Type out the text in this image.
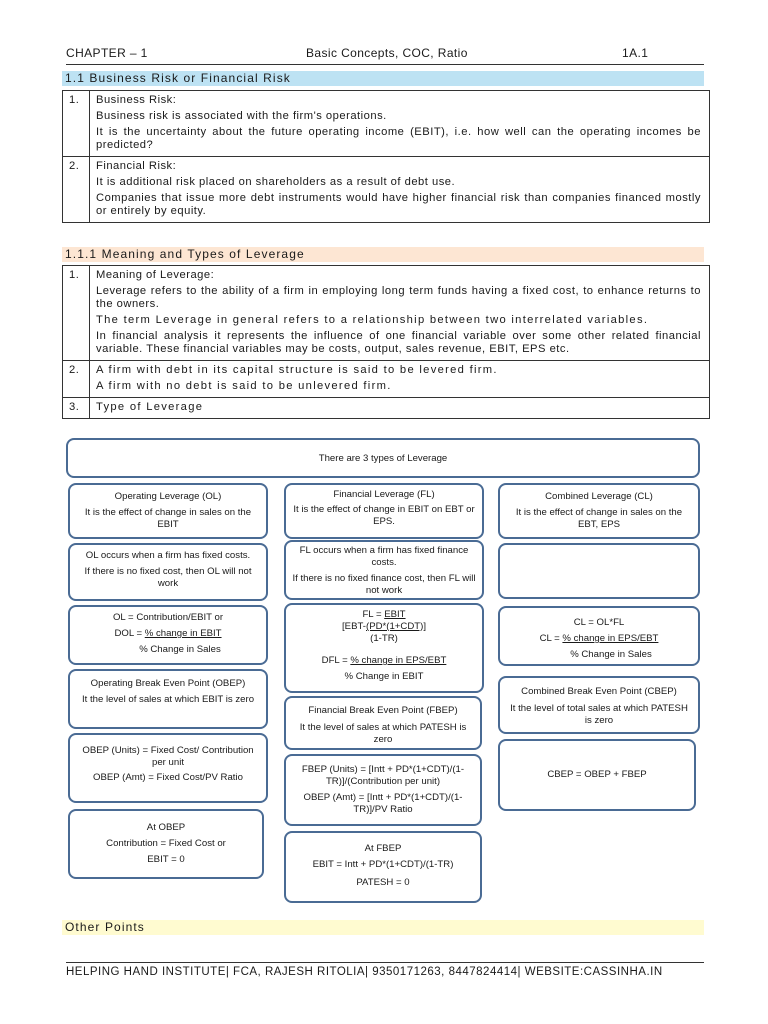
CHAPTER – 1	Basic Concepts, COC, Ratio	1A.1
1.1 Business Risk or Financial Risk
1.	Business Risk:

Business risk is associated with the firm's operations.

It is the uncertainty about the future operating income (EBIT), i.e. how well can the operating incomes be predicted?

2.	Financial Risk:

It is additional risk placed on shareholders as a result of debt use.

Companies that issue more debt instruments would have higher financial risk than companies financed mostly or entirely by equity.

1.1.1 Meaning and Types of Leverage
1.	Meaning of Leverage:

Leverage refers to the ability of a firm in employing long term funds having a fixed cost, to enhance returns to the owners.

The term Leverage in general refers to a relationship between two interrelated variables.

In financial analysis it represents the influence of one financial variable over some other related financial variable. These financial variables may be costs, output, sales revenue, EBIT, EPS etc.

2.	A firm with debt in its capital structure is said to be levered firm.

A firm with no debt is said to be unlevered firm.

3.	Type of Leverage

There are 3 types of Leverage

Operating Leverage (OL)

It is the effect of change in sales on the EBIT

OL occurs when a firm has fixed costs.

If there is no fixed cost, then OL will not work

OL = Contribution/EBIT or

DOL = % change in EBIT

% Change in Sales

Operating Break Even Point (OBEP)

It the level of sales at which EBIT is zero

OBEP (Units) = Fixed Cost/ Contribution per unit

OBEP (Amt) = Fixed Cost/PV Ratio

At OBEP

Contribution = Fixed Cost or

EBIT = 0

Financial Leverage (FL)

It is the effect of change in EBIT on EBT or EPS.

FL occurs when a firm has fixed finance costs.

If there is no fixed finance cost, then FL will not work

FL = EBIT

[EBT-(PD*(1+CDT)]

(1-TR)

DFL = % change in EPS/EBT

% Change in EBIT

Financial Break Even Point (FBEP)

It the level of sales at which PATESH is zero

FBEP (Units) = [Intt + PD*(1+CDT)/(1-TR)]/(Contribution per unit)

OBEP (Amt) = [Intt + PD*(1+CDT)/(1-TR)]/PV Ratio

At FBEP

EBIT = Intt + PD*(1+CDT)/(1-TR)

PATESH = 0

Combined Leverage (CL)

It is the effect of change in sales on the EBT, EPS

CL = OL*FL

CL = % change in EPS/EBT

% Change in Sales

Combined Break Even Point (CBEP)

It the level of total sales at which PATESH is zero

CBEP = OBEP + FBEP

Other Points
HELPING HAND INSTITUTE| FCA, RAJESH RITOLIA| 9350171263, 8447824414| WEBSITE:CASSINHA.IN
